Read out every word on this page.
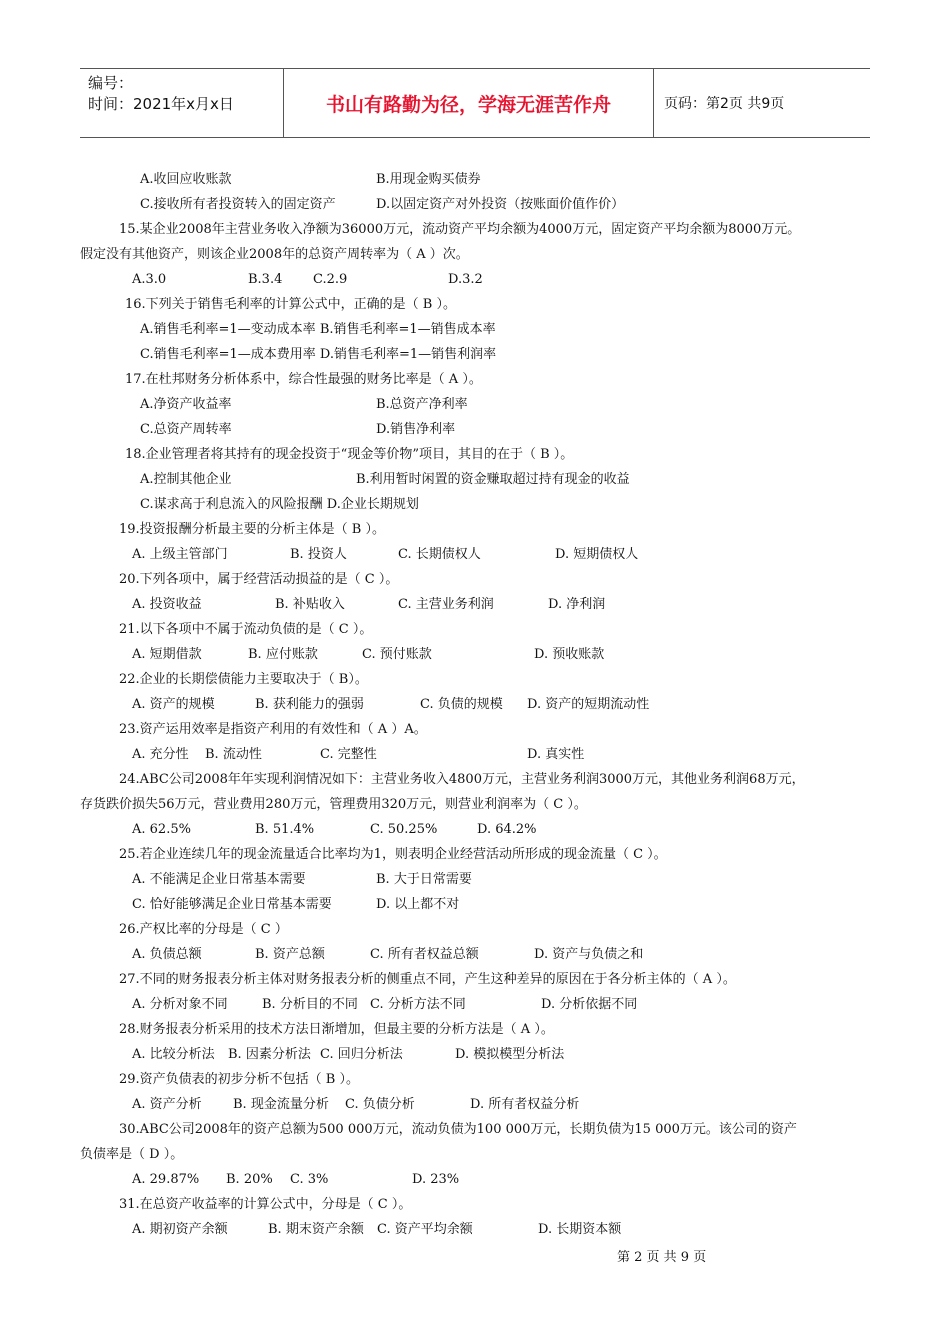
编号：
时间：2021年x月x日	书山有路勤为径，学海无涯苦作舟	页码：第2页 共9页
A.收回应收账款	B.用现金购买债券
C.接收所有者投资转入的固定资产	D.以固定资产对外投资（按账面价值作价）
15.某企业2008年主营业务收入净额为36000万元，流动资产平均余额为4000万元，固定资产平均余额为8000万元。
假定没有其他资产，则该企业2008年的总资产周转率为（ A ）次。
A.3.0	B.3.4 C.2.9	D.3.2
16.下列关于销售毛利率的计算公式中，正确的是（ B ）。
A.销售毛利率=1—变动成本率 B.销售毛利率=1—销售成本率
C.销售毛利率=1—成本费用率 D.销售毛利率=1—销售利润率
17.在杜邦财务分析体系中，综合性最强的财务比率是（ A ）。
A.净资产收益率	B.总资产净利率
C.总资产周转率	D.销售净利率
18.企业管理者将其持有的现金投资于“现金等价物”项目，其目的在于（ B ）。
A.控制其他企业	B.利用暂时闲置的资金赚取超过持有现金的收益
C.谋求高于利息流入的风险报酬 D.企业长期规划
19.投资报酬分析最主要的分析主体是（ B ）。
A. 上级主管部门	B. 投资人	C. 长期债权人	D. 短期债权人
20.下列各项中，属于经营活动损益的是（ C ）。
A. 投资收益	B. 补贴收入	C. 主营业务利润	D. 净利润
21.以下各项中不属于流动负债的是（ C ）。
A. 短期借款	B. 应付账款	C. 预付账款	D. 预收账款
22.企业的长期偿债能力主要取决于（ B）。
A. 资产的规模	B. 获利能力的强弱	C. 负债的规模 D. 资产的短期流动性
23.资产运用效率是指资产利用的有效性和（ A ）A。
A. 充分性 B. 流动性	C. 完整性	D. 真实性
24.ABC公司2008年年实现利润情况如下：主营业务收入4800万元，主营业务利润3000万元，其他业务利润68万元，
存货跌价损失56万元，营业费用280万元，管理费用320万元，则营业利润率为（ C ）。
A. 62.5%	B. 51.4%	C. 50.25%	D. 64.2%
25.若企业连续几年的现金流量适合比率均为1，则表明企业经营活动所形成的现金流量（ C ）。
A. 不能满足企业日常基本需要	B. 大于日常需要
C. 恰好能够满足企业日常基本需要	D. 以上都不对
26.产权比率的分母是（ C ）
A. 负债总额	B. 资产总额	C. 所有者权益总额	D. 资产与负债之和
27.不同的财务报表分析主体对财务报表分析的侧重点不同，产生这种差异的原因在于各分析主体的（ A ）。
A. 分析对象不同	B. 分析目的不同 C. 分析方法不同	D. 分析依据不同
28.财务报表分析采用的技术方法日渐增加，但最主要的分析方法是（ A ）。
A. 比较分析法 B. 因素分析法 C. 回归分析法	D. 模拟模型分析法
29.资产负债表的初步分析不包括（ B ）。
A. 资产分析 B. 现金流量分析 C. 负债分析	D. 所有者权益分析
30.ABC公司2008年的资产总额为500 000万元，流动负债为100 000万元，长期负债为15 000万元。该公司的资产
负债率是（ D ）。
A. 29.87% B. 20% C. 3%	D. 23%
31.在总资产收益率的计算公式中，分母是（ C ）。
A. 期初资产余额	B. 期末资产余额 C. 资产平均余额	D. 长期资本额
第 2 页 共 9 页
